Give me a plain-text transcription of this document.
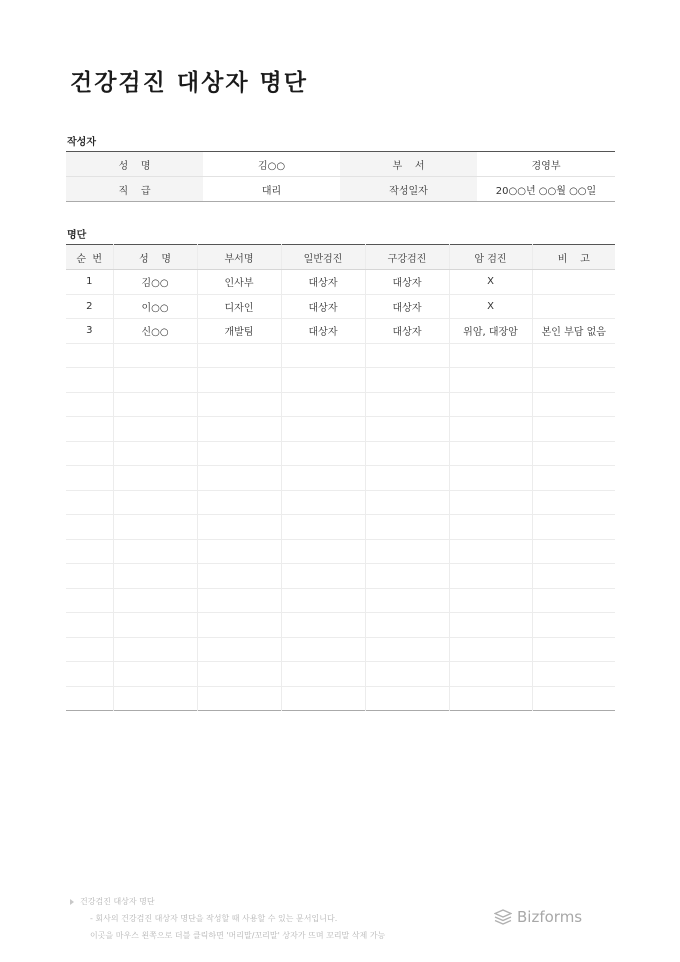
건강검진 대상자 명단
작성자
성    명	김○○	부    서	경영부
직    급	대리	작성일자	20○○년 ○○월 ○○일
명단
순  번	성    명	부서명	일반검진	구강검진	암 검진	비    고
1	김○○	인사부	대상자	대상자	X	
2	이○○	디자인	대상자	대상자	X	
3	신○○	개발팀	대상자	대상자	위암, 대장암	본인 부담 없음

건강검진 대상자 명단
- 회사의 건강검진 대상자 명단을 작성할 때 사용할 수 있는 문서입니다.
이곳을 마우스 왼쪽으로 더블 클릭하면 '머리말/꼬리말' 상자가 뜨며 꼬리말 삭제 가능
Bizforms
